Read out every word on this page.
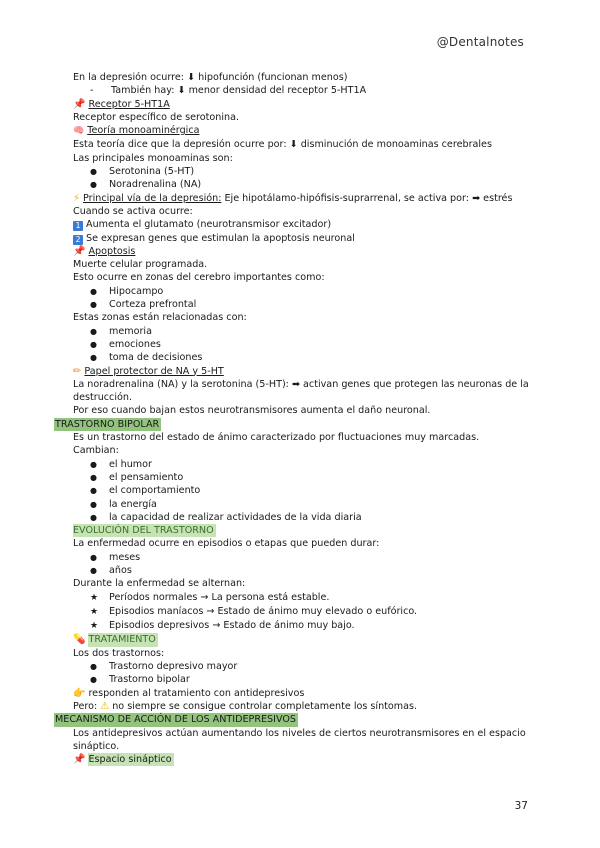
@Dentalnotes
En la depresión ocurre: ⬇ hipofunción (funcionan menos)
- También hay: ⬇ menor densidad del receptor 5-HT1A
📌 Receptor 5-HT1A
Receptor específico de serotonina.
🧠 Teoría monoaminérgica
Esta teoría dice que la depresión ocurre por: ⬇ disminución de monoaminas cerebrales
Las principales monoaminas son:
● Serotonina (5-HT)
● Noradrenalina (NA)
⚡ Principal vía de la depresión: Eje hipotálamo-hipófisis-suprarrenal, se activa por: ➡ estrés
Cuando se activa ocurre:
1 Aumenta el glutamato (neurotransmisor excitador)
2 Se expresan genes que estimulan la apoptosis neuronal
📌 Apoptosis
Muerte celular programada.
Esto ocurre en zonas del cerebro importantes como:
● Hipocampo
● Corteza prefrontal
Estas zonas están relacionadas con:
● memoria
● emociones
● toma de decisiones
✏ Papel protector de NA y 5-HT
La noradrenalina (NA) y la serotonina (5-HT): ➡ activan genes que protegen las neuronas de la destrucción.
Por eso cuando bajan estos neurotransmisores aumenta el daño neuronal.
TRASTORNO BIPOLAR
Es un trastorno del estado de ánimo caracterizado por fluctuaciones muy marcadas.
Cambian:
● el humor
● el pensamiento
● el comportamiento
● la energía
● la capacidad de realizar actividades de la vida diaria
EVOLUCIÓN DEL TRASTORNO
La enfermedad ocurre en episodios o etapas que pueden durar:
● meses
● años
Durante la enfermedad se alternan:
★ Períodos normales → La persona está estable.
★ Episodios maníacos → Estado de ánimo muy elevado o eufórico.
★ Episodios depresivos → Estado de ánimo muy bajo.
💊 TRATAMIENTO
Los dos trastornos:
● Trastorno depresivo mayor
● Trastorno bipolar
👉 responden al tratamiento con antidepresivos
Pero: ⚠ no siempre se consigue controlar completamente los síntomas.
MECANISMO DE ACCIÓN DE LOS ANTIDEPRESIVOS
Los antidepresivos actúan aumentando los niveles de ciertos neurotransmisores en el espacio sináptico.
📌 Espacio sináptico
37
